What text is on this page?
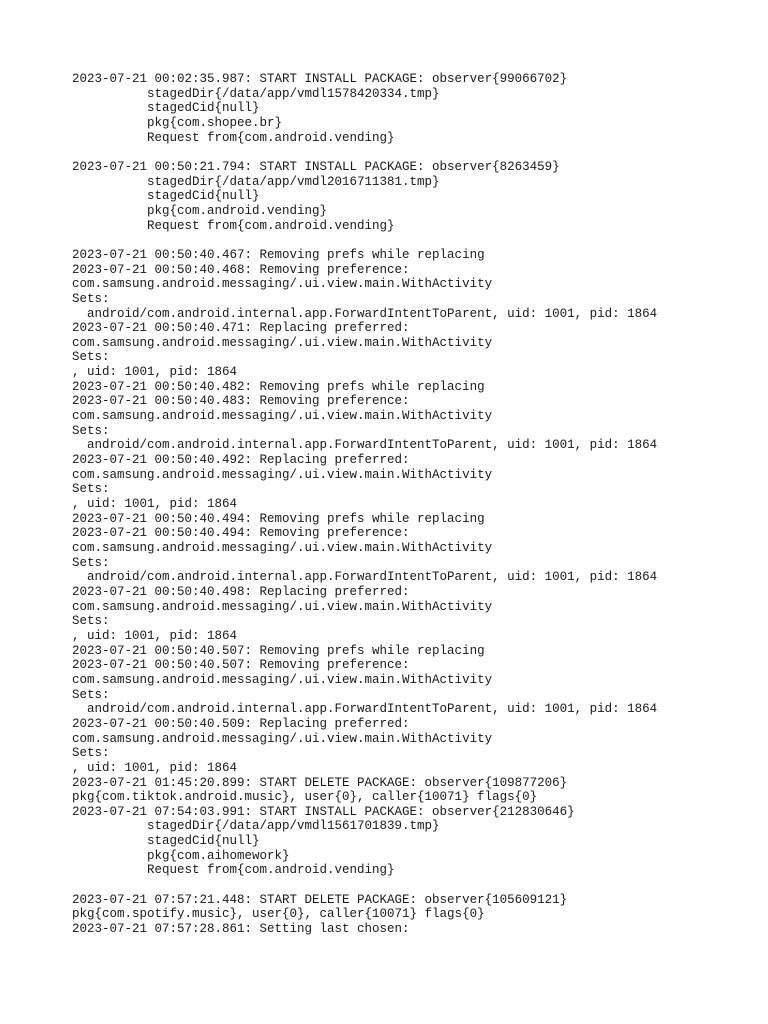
2023-07-21 00:02:35.987: START INSTALL PACKAGE: observer{99066702}
stagedDir{/data/app/vmdl1578420334.tmp}
stagedCid{null}
pkg{com.shopee.br}
Request from{com.android.vending}
2023-07-21 00:50:21.794: START INSTALL PACKAGE: observer{8263459}
stagedDir{/data/app/vmdl2016711381.tmp}
stagedCid{null}
pkg{com.android.vending}
Request from{com.android.vending}
2023-07-21 00:50:40.467: Removing prefs while replacing
2023-07-21 00:50:40.468: Removing preference:
com.samsung.android.messaging/.ui.view.main.WithActivity
Sets:
android/com.android.internal.app.ForwardIntentToParent, uid: 1001, pid: 1864
2023-07-21 00:50:40.471: Replacing preferred:
com.samsung.android.messaging/.ui.view.main.WithActivity
Sets:
, uid: 1001, pid: 1864
2023-07-21 00:50:40.482: Removing prefs while replacing
2023-07-21 00:50:40.483: Removing preference:
com.samsung.android.messaging/.ui.view.main.WithActivity
Sets:
android/com.android.internal.app.ForwardIntentToParent, uid: 1001, pid: 1864
2023-07-21 00:50:40.492: Replacing preferred:
com.samsung.android.messaging/.ui.view.main.WithActivity
Sets:
, uid: 1001, pid: 1864
2023-07-21 00:50:40.494: Removing prefs while replacing
2023-07-21 00:50:40.494: Removing preference:
com.samsung.android.messaging/.ui.view.main.WithActivity
Sets:
android/com.android.internal.app.ForwardIntentToParent, uid: 1001, pid: 1864
2023-07-21 00:50:40.498: Replacing preferred:
com.samsung.android.messaging/.ui.view.main.WithActivity
Sets:
, uid: 1001, pid: 1864
2023-07-21 00:50:40.507: Removing prefs while replacing
2023-07-21 00:50:40.507: Removing preference:
com.samsung.android.messaging/.ui.view.main.WithActivity
Sets:
android/com.android.internal.app.ForwardIntentToParent, uid: 1001, pid: 1864
2023-07-21 00:50:40.509: Replacing preferred:
com.samsung.android.messaging/.ui.view.main.WithActivity
Sets:
, uid: 1001, pid: 1864
2023-07-21 01:45:20.899: START DELETE PACKAGE: observer{109877206}
pkg{com.tiktok.android.music}, user{0}, caller{10071} flags{0}
2023-07-21 07:54:03.991: START INSTALL PACKAGE: observer{212830646}
stagedDir{/data/app/vmdl1561701839.tmp}
stagedCid{null}
pkg{com.aihomework}
Request from{com.android.vending}
2023-07-21 07:57:21.448: START DELETE PACKAGE: observer{105609121}
pkg{com.spotify.music}, user{0}, caller{10071} flags{0}
2023-07-21 07:57:28.861: Setting last chosen:
